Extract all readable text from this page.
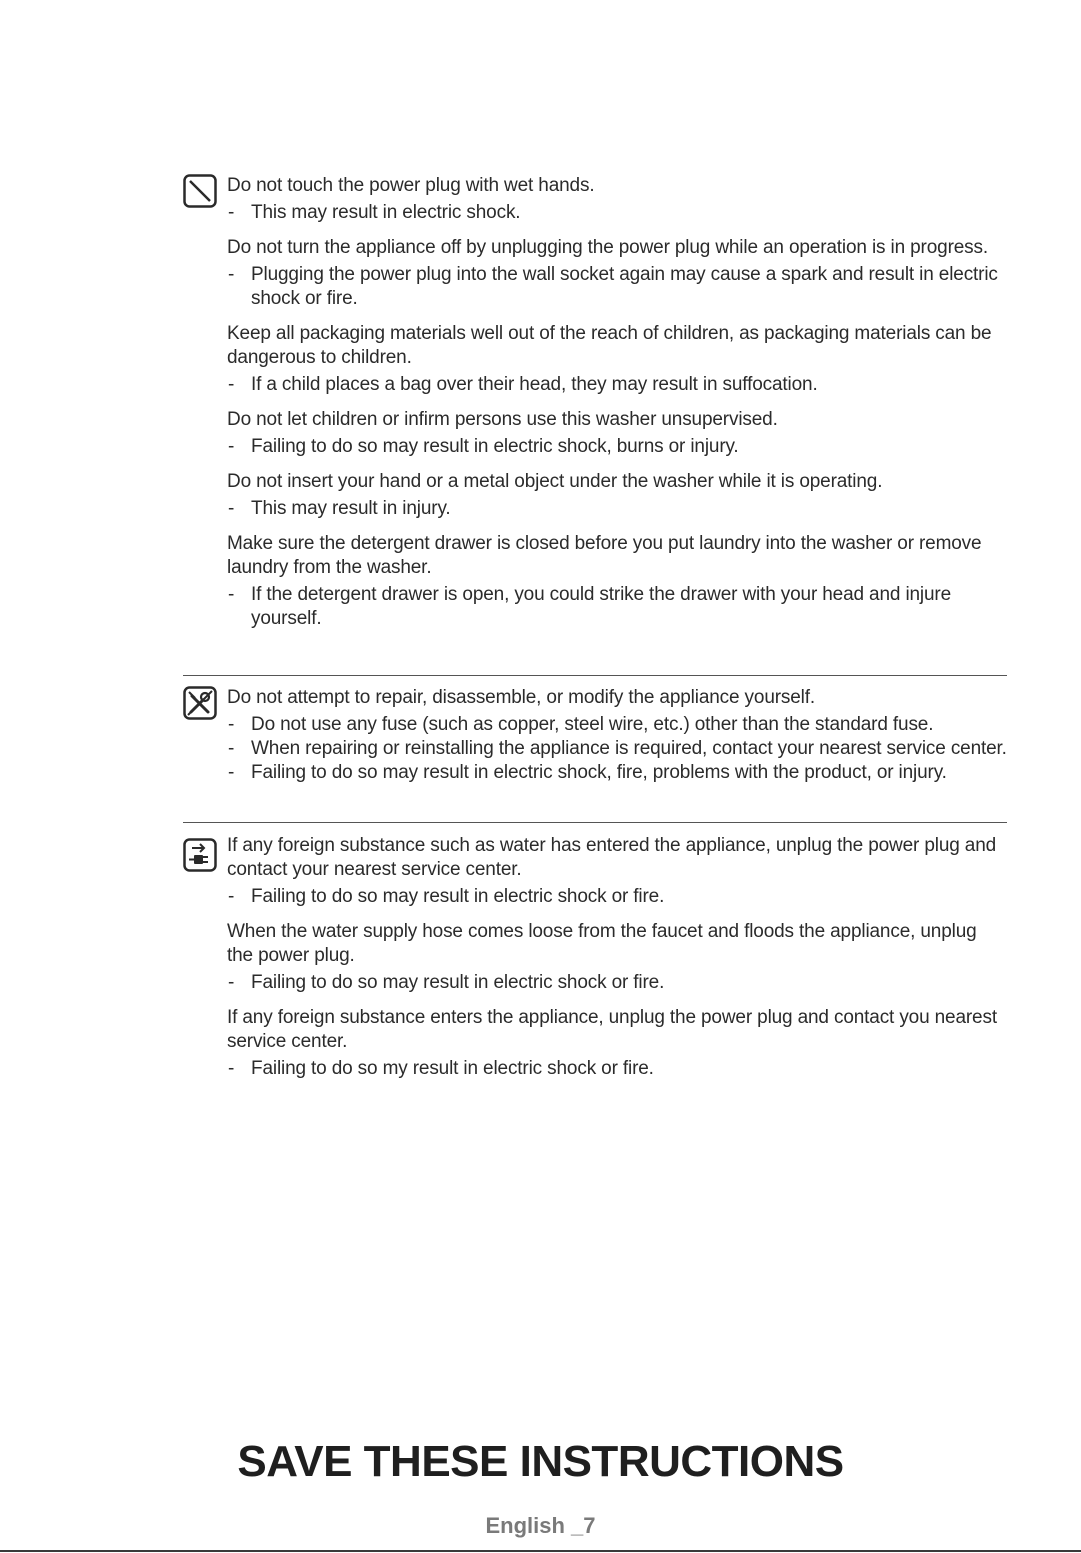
Do not touch the power plug with wet hands.

- This may result in electric shock.

Do not turn the appliance off by unplugging the power plug while an operation is in progress.

- Plugging the power plug into the wall socket again may cause a spark and result in electric shock or fire.

Keep all packaging materials well out of the reach of children, as packaging materials can be dangerous to children.

- If a child places a bag over their head, they may result in suffocation.

Do not let children or infirm persons use this washer unsupervised.

- Failing to do so may result in electric shock, burns or injury.

Do not insert your hand or a metal object under the washer while it is operating.

- This may result in injury.

Make sure the detergent drawer is closed before you put laundry into the washer or remove laundry from the washer.

- If the detergent drawer is open, you could strike the drawer with your head and injure yourself.

Do not attempt to repair, disassemble, or modify the appliance yourself.

- Do not use any fuse (such as copper, steel wire, etc.) other than the standard fuse.
- When repairing or reinstalling the appliance is required, contact your nearest service center.
- Failing to do so may result in electric shock, fire, problems with the product, or injury.

If any foreign substance such as water has entered the appliance, unplug the power plug and contact your nearest service center.

- Failing to do so may result in electric shock or fire.

When the water supply hose comes loose from the faucet and floods the appliance, unplug the power plug.

- Failing to do so may result in electric shock or fire.

If any foreign substance enters the appliance, unplug the power plug and contact you nearest service center.

- Failing to do so my result in electric shock or fire.
SAVE THESE INSTRUCTIONS
English _7
